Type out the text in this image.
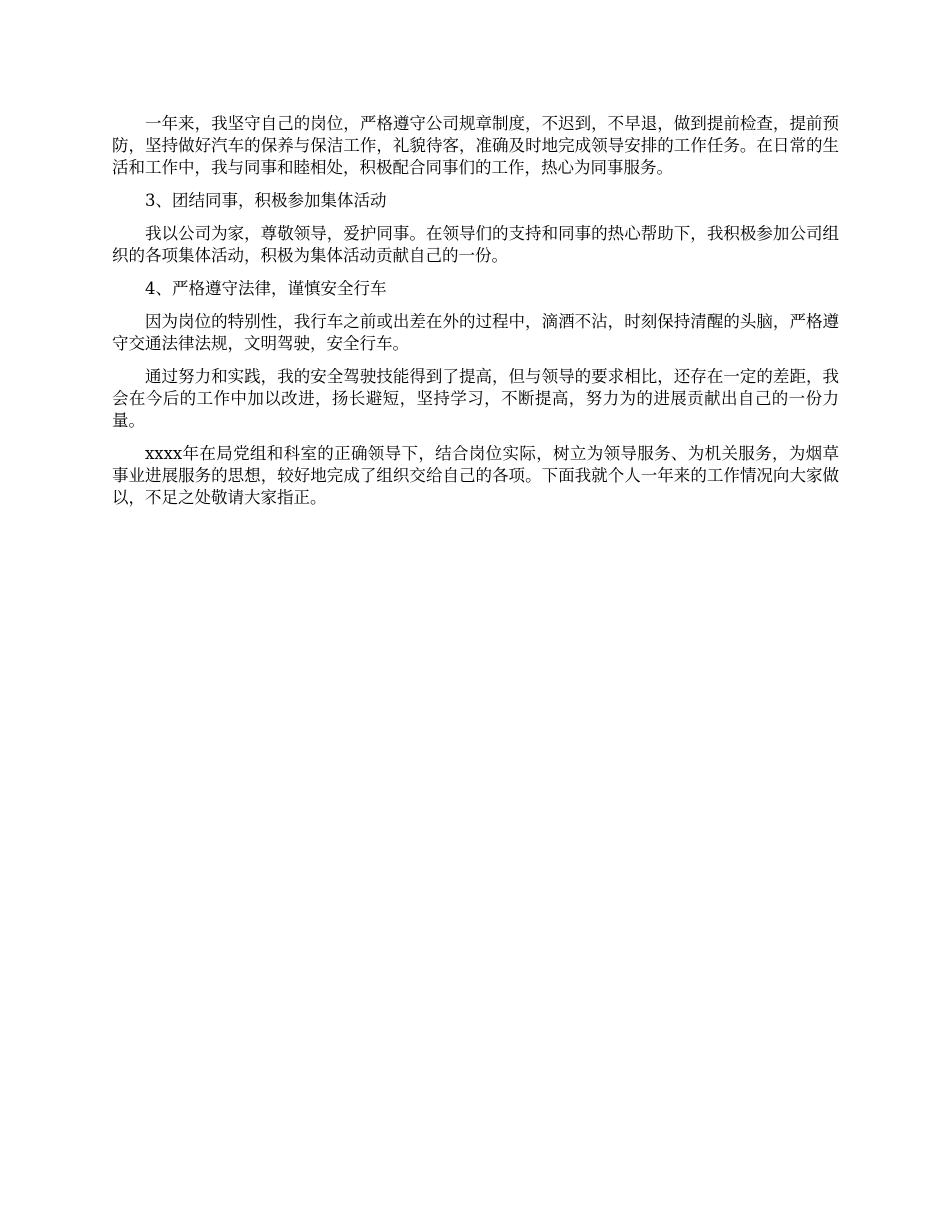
一年来，我坚守自己的岗位，严格遵守公司规章制度，不迟到，不早退，做到提前检查，提前预防，坚持做好汽车的保养与保洁工作，礼貌待客，准确及时地完成领导安排的工作任务。在日常的生活和工作中，我与同事和睦相处，积极配合同事们的工作，热心为同事服务。

3、团结同事，积极参加集体活动

我以公司为家，尊敬领导，爱护同事。在领导们的支持和同事的热心帮助下，我积极参加公司组织的各项集体活动，积极为集体活动贡献自己的一份。

4、严格遵守法律，谨慎安全行车

因为岗位的特别性，我行车之前或出差在外的过程中，滴酒不沾，时刻保持清醒的头脑，严格遵守交通法律法规，文明驾驶，安全行车。

通过努力和实践，我的安全驾驶技能得到了提高，但与领导的要求相比，还存在一定的差距，我会在今后的工作中加以改进，扬长避短，坚持学习，不断提高，努力为的进展贡献出自己的一份力量。

xxxx年在局党组和科室的正确领导下，结合岗位实际，树立为领导服务、为机关服务，为烟草事业进展服务的思想，较好地完成了组织交给自己的各项。下面我就个人一年来的工作情况向大家做以，不足之处敬请大家指正。
